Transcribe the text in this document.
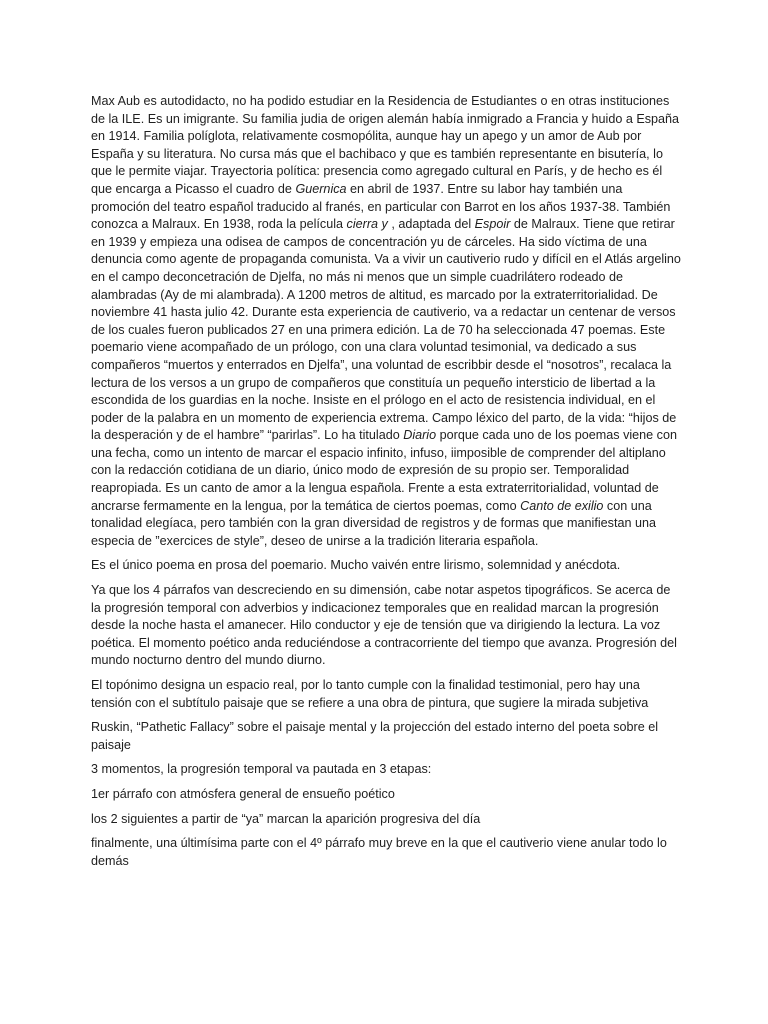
Max Aub es autodidacto, no ha podido estudiar en la Residencia de Estudiantes o en otras instituciones de la ILE. Es un imigrante. Su familia judia de origen alemán había inmigrado a Francia y huido a España en 1914. Familia políglota, relativamente cosmopólita, aunque hay un apego y un amor de Aub por España y su literatura. No cursa más que el bachibaco y que es también representante en bisutería, lo que le permite viajar. Trayectoria política: presencia como agregado cultural en París, y de hecho es él que encarga a Picasso el cuadro de Guernica en abril de 1937. Entre su labor hay también una promoción del teatro español traducido al franés, en particular con Barrot en los años 1937-38. También conozca a Malraux. En 1938, roda la película cierra y , adaptada del Espoir de Malraux. Tiene que retirar en 1939 y empieza una odisea de campos de concentración yu de cárceles. Ha sido víctima de una denuncia como agente de propaganda comunista. Va a vivir un cautiverio rudo y difícil en el Atlás argelino en el campo deconcetración de Djelfa, no más ni menos que un simple cuadrilátero rodeado de alambradas (Ay de mi alambrada). A 1200 metros de altitud, es marcado por la extraterritorialidad. De noviembre 41 hasta julio 42. Durante esta experiencia de cautiverio, va a redactar un centenar de versos de los cuales fueron publicados 27 en una primera edición. La de 70 ha seleccionada 47 poemas. Este poemario viene acompañado de un prólogo, con una clara voluntad tesimonial, va dedicado a sus compañeros “muertos y enterrados en Djelfa”, una voluntad de escribbir desde el “nosotros”, recalaca la lectura de los versos a un grupo de compañeros que constituía un pequeño intersticio de libertad a la escondida de los guardias en la noche. Insiste en el prólogo en el acto de resistencia individual, en el poder de la palabra en un momento de experiencia extrema. Campo léxico del parto, de la vida: “hijos de la desperación y de el hambre” “parirlas”. Lo ha titulado Diario porque cada uno de los poemas viene con una fecha, como un intento de marcar el espacio infinito, infuso, iimposible de comprender del altiplano con la redacción cotidiana de un diario, único modo de expresión de su propio ser. Temporalidad reapropiada. Es un canto de amor a la lengua española. Frente a esta extraterritorialidad, voluntad de ancrarse fermamente en la lengua, por la temática de ciertos poemas, como Canto de exilio con una tonalidad elegíaca, pero también con la gran diversidad de registros y de formas que manifiestan una especia de ”exercices de style”, deseo de unirse a la tradición literaria española.

Es el único poema en prosa del poemario. Mucho vaivén entre lirismo, solemnidad y anécdota.

Ya que los 4 párrafos van descreciendo en su dimensión, cabe notar aspetos tipográficos. Se acerca de la progresión temporal con adverbios y indicacionez temporales que en realidad marcan la progresión desde la noche hasta el amanecer. Hilo conductor y eje de tensión que va dirigiendo la lectura. La voz poética. El momento poético anda reduciéndose a contracorriente del tiempo que avanza. Progresión del mundo nocturno dentro del mundo diurno.

El topónimo designa un espacio real, por lo tanto cumple con la finalidad testimonial, pero hay una tensión con el subtítulo paisaje que se refiere a una obra de pintura, que sugiere la mirada subjetiva

Ruskin, “Pathetic Fallacy” sobre el paisaje mental y la projección del estado interno del poeta sobre el paisaje

3 momentos, la progresión temporal va pautada en 3 etapas:

1er párrafo con atmósfera general de ensueño poético

los 2 siguientes a partir de “ya” marcan la aparición progresiva del día

finalmente, una últimísima parte con el 4º párrafo muy breve en la que el cautiverio viene anular todo lo demás
